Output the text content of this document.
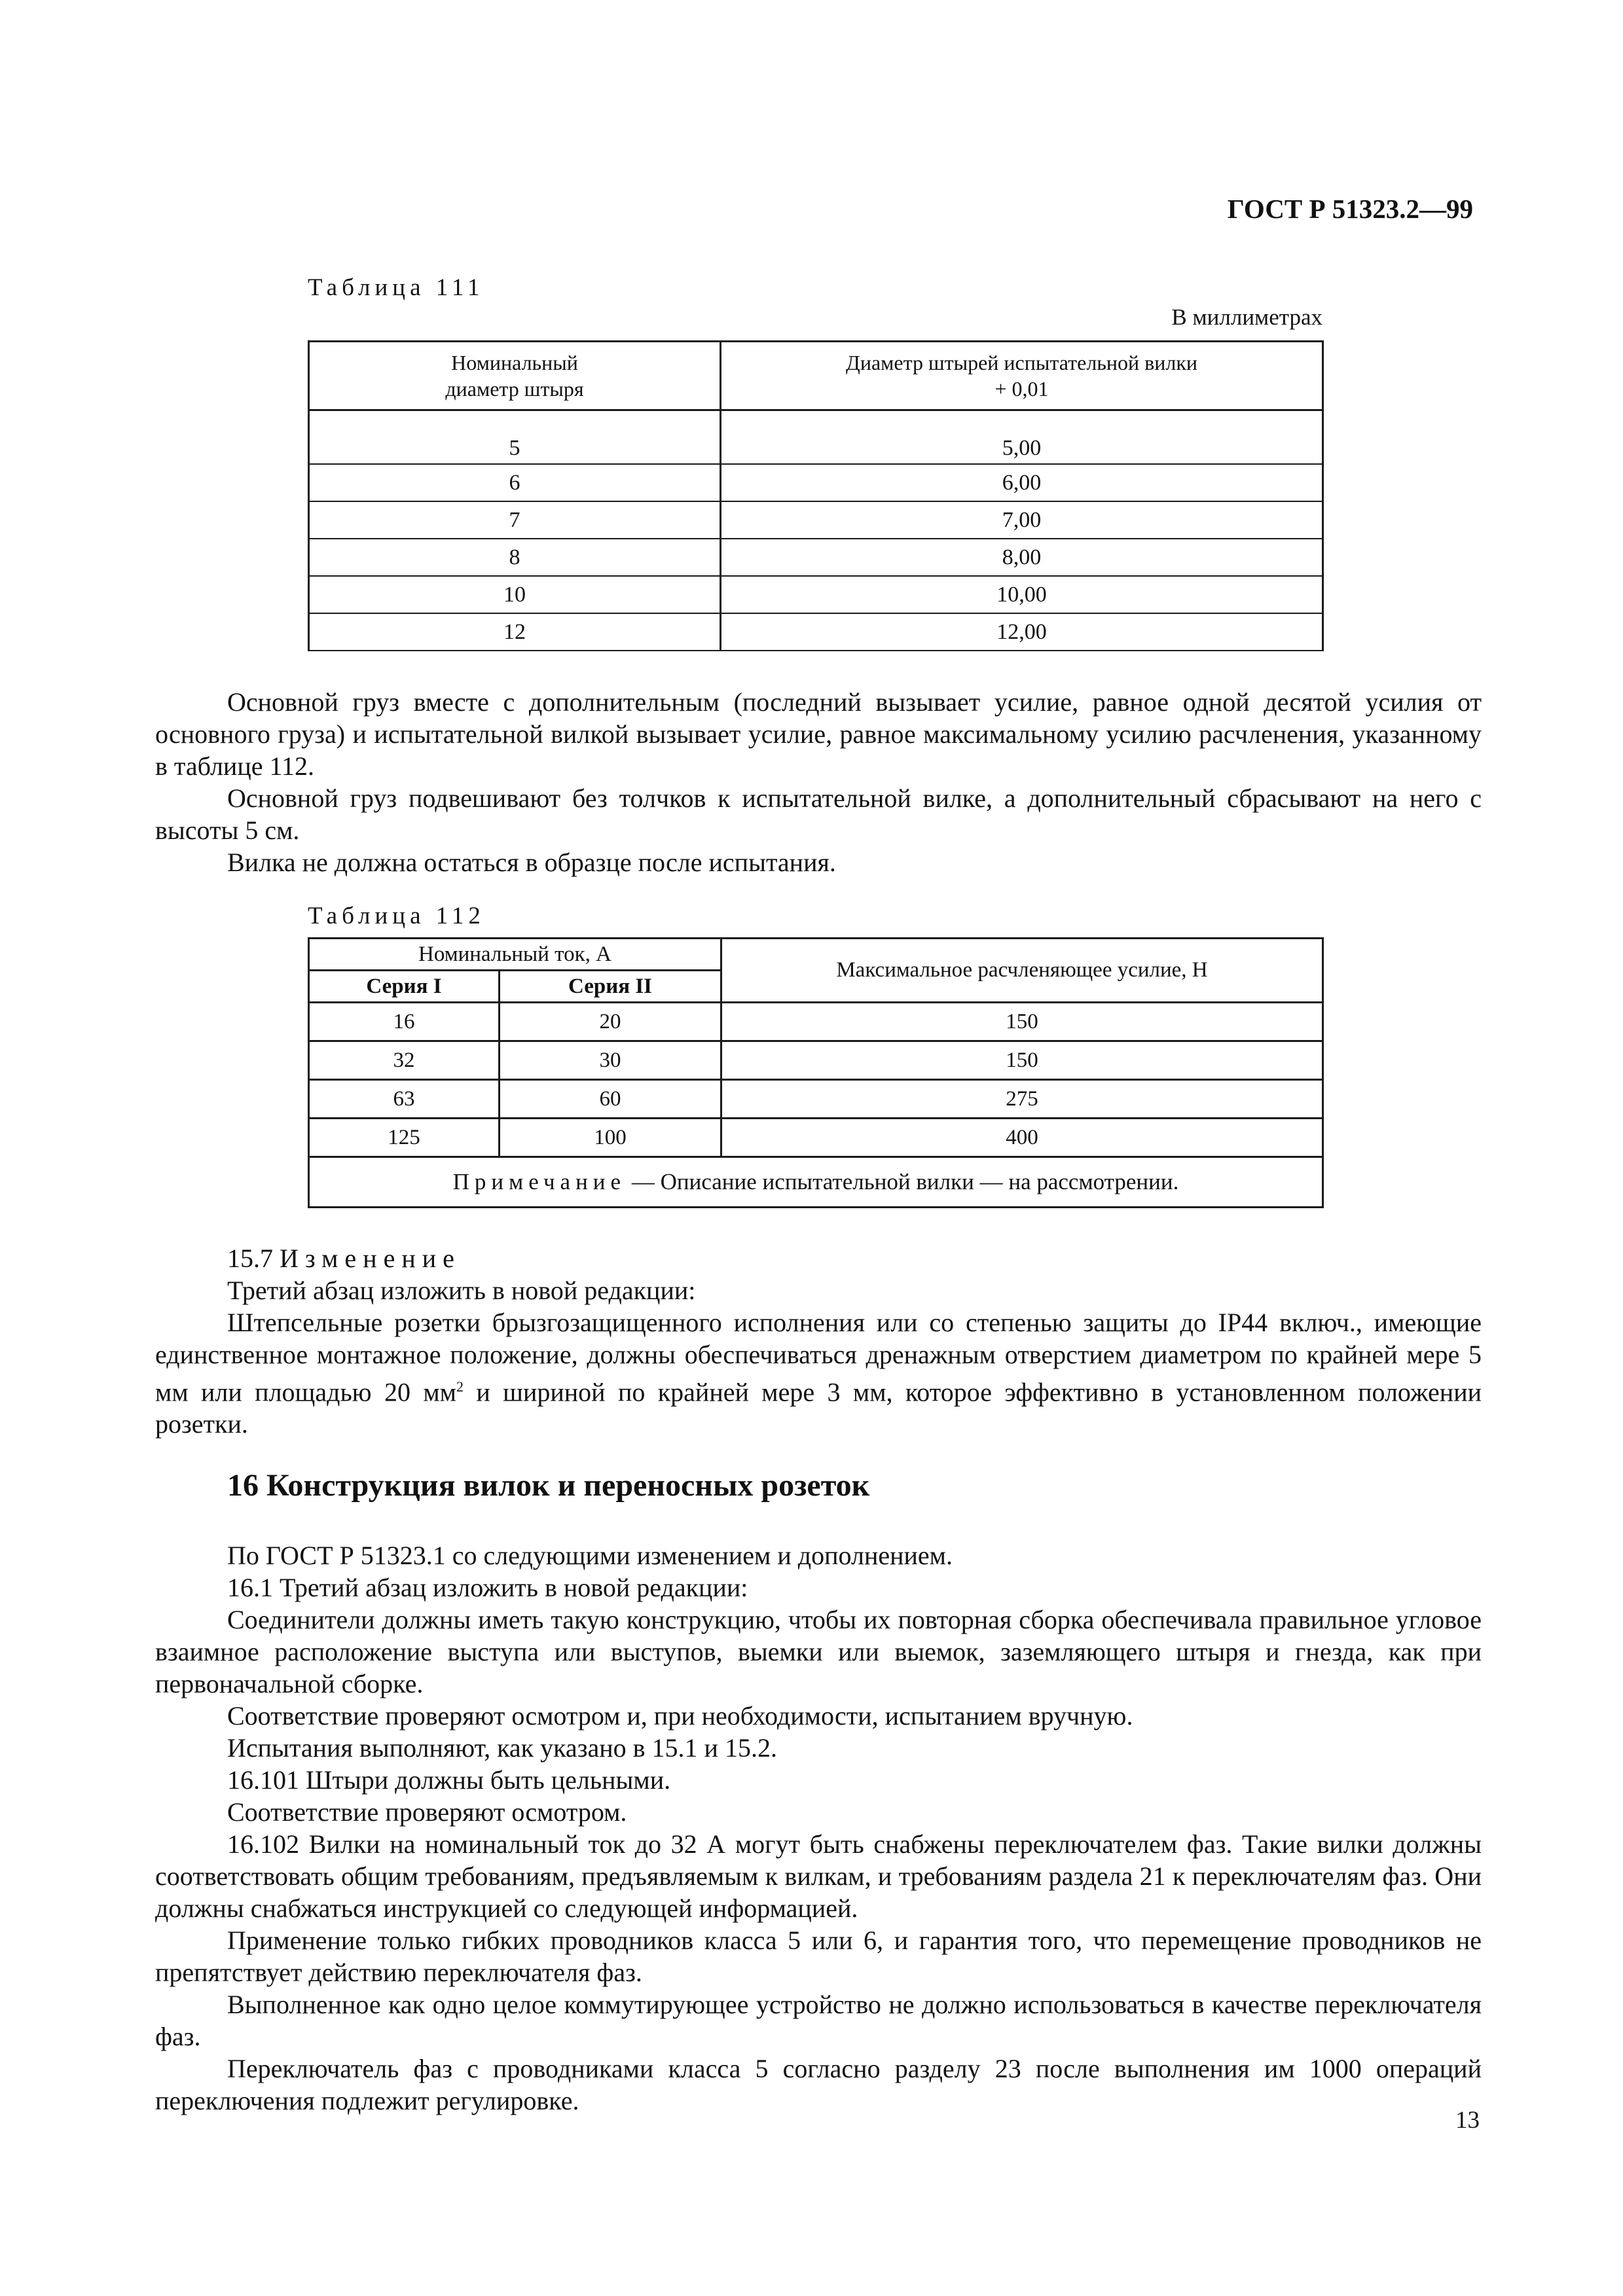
ГОСТ Р 51323.2—99
Таблица 111
В миллиметрах
Номинальный
диаметр штыря	Диаметр штырей испытательной вилки
+ 0,01
5	5,00
6	6,00
7	7,00
8	8,00
10	10,00
12	12,00

Основной груз вместе с дополнительным (последний вызывает усилие, равное одной десятой усилия от основного груза) и испытательной вилкой вызывает усилие, равное максимальному усилию расчленения, указанному в таблице 112.

Основной груз подвешивают без толчков к испытательной вилке, а дополнительный сбрасывают на него с высоты 5 см.

Вилка не должна остаться в образце после испытания.

Таблица 112
Номинальный ток, А		Максимальное расчленяющее усилие, Н
Серия I	Серия II	
16	20	150
32	30	150
63	60	275
125	100	400
Примечание — Описание испытательной вилки — на рассмотрении.		

15.7 Изменение

Третий абзац изложить в новой редакции:

Штепсельные розетки брызгозащищенного исполнения или со степенью защиты до IP44 включ., имеющие единственное монтажное положение, должны обеспечиваться дренажным отверстием диаметром по крайней мере 5 мм или площадью 20 $мм^2$ и шириной по крайней мере 3 мм, которое эффективно в установленном положении розетки.

16 Конструкция вилок и переносных розеток

По ГОСТ Р 51323.1 со следующими изменением и дополнением.

16.1 Третий абзац изложить в новой редакции:

Соединители должны иметь такую конструкцию, чтобы их повторная сборка обеспечивала правильное угловое взаимное расположение выступа или выступов, выемки или выемок, заземляющего штыря и гнезда, как при первоначальной сборке.

Соответствие проверяют осмотром и, при необходимости, испытанием вручную.

Испытания выполняют, как указано в 15.1 и 15.2.

16.101 Штыри должны быть цельными.

Соответствие проверяют осмотром.

16.102 Вилки на номинальный ток до 32 А могут быть снабжены переключателем фаз. Такие вилки должны соответствовать общим требованиям, предъявляемым к вилкам, и требованиям раздела 21 к переключателям фаз. Они должны снабжаться инструкцией со следующей информацией.

Применение только гибких проводников класса 5 или 6, и гарантия того, что перемещение проводников не препятствует действию переключателя фаз.

Выполненное как одно целое коммутирующее устройство не должно использоваться в качестве переключателя фаз.

Переключатель фаз с проводниками класса 5 согласно разделу 23 после выполнения им 1000 операций переключения подлежит регулировке.

13
